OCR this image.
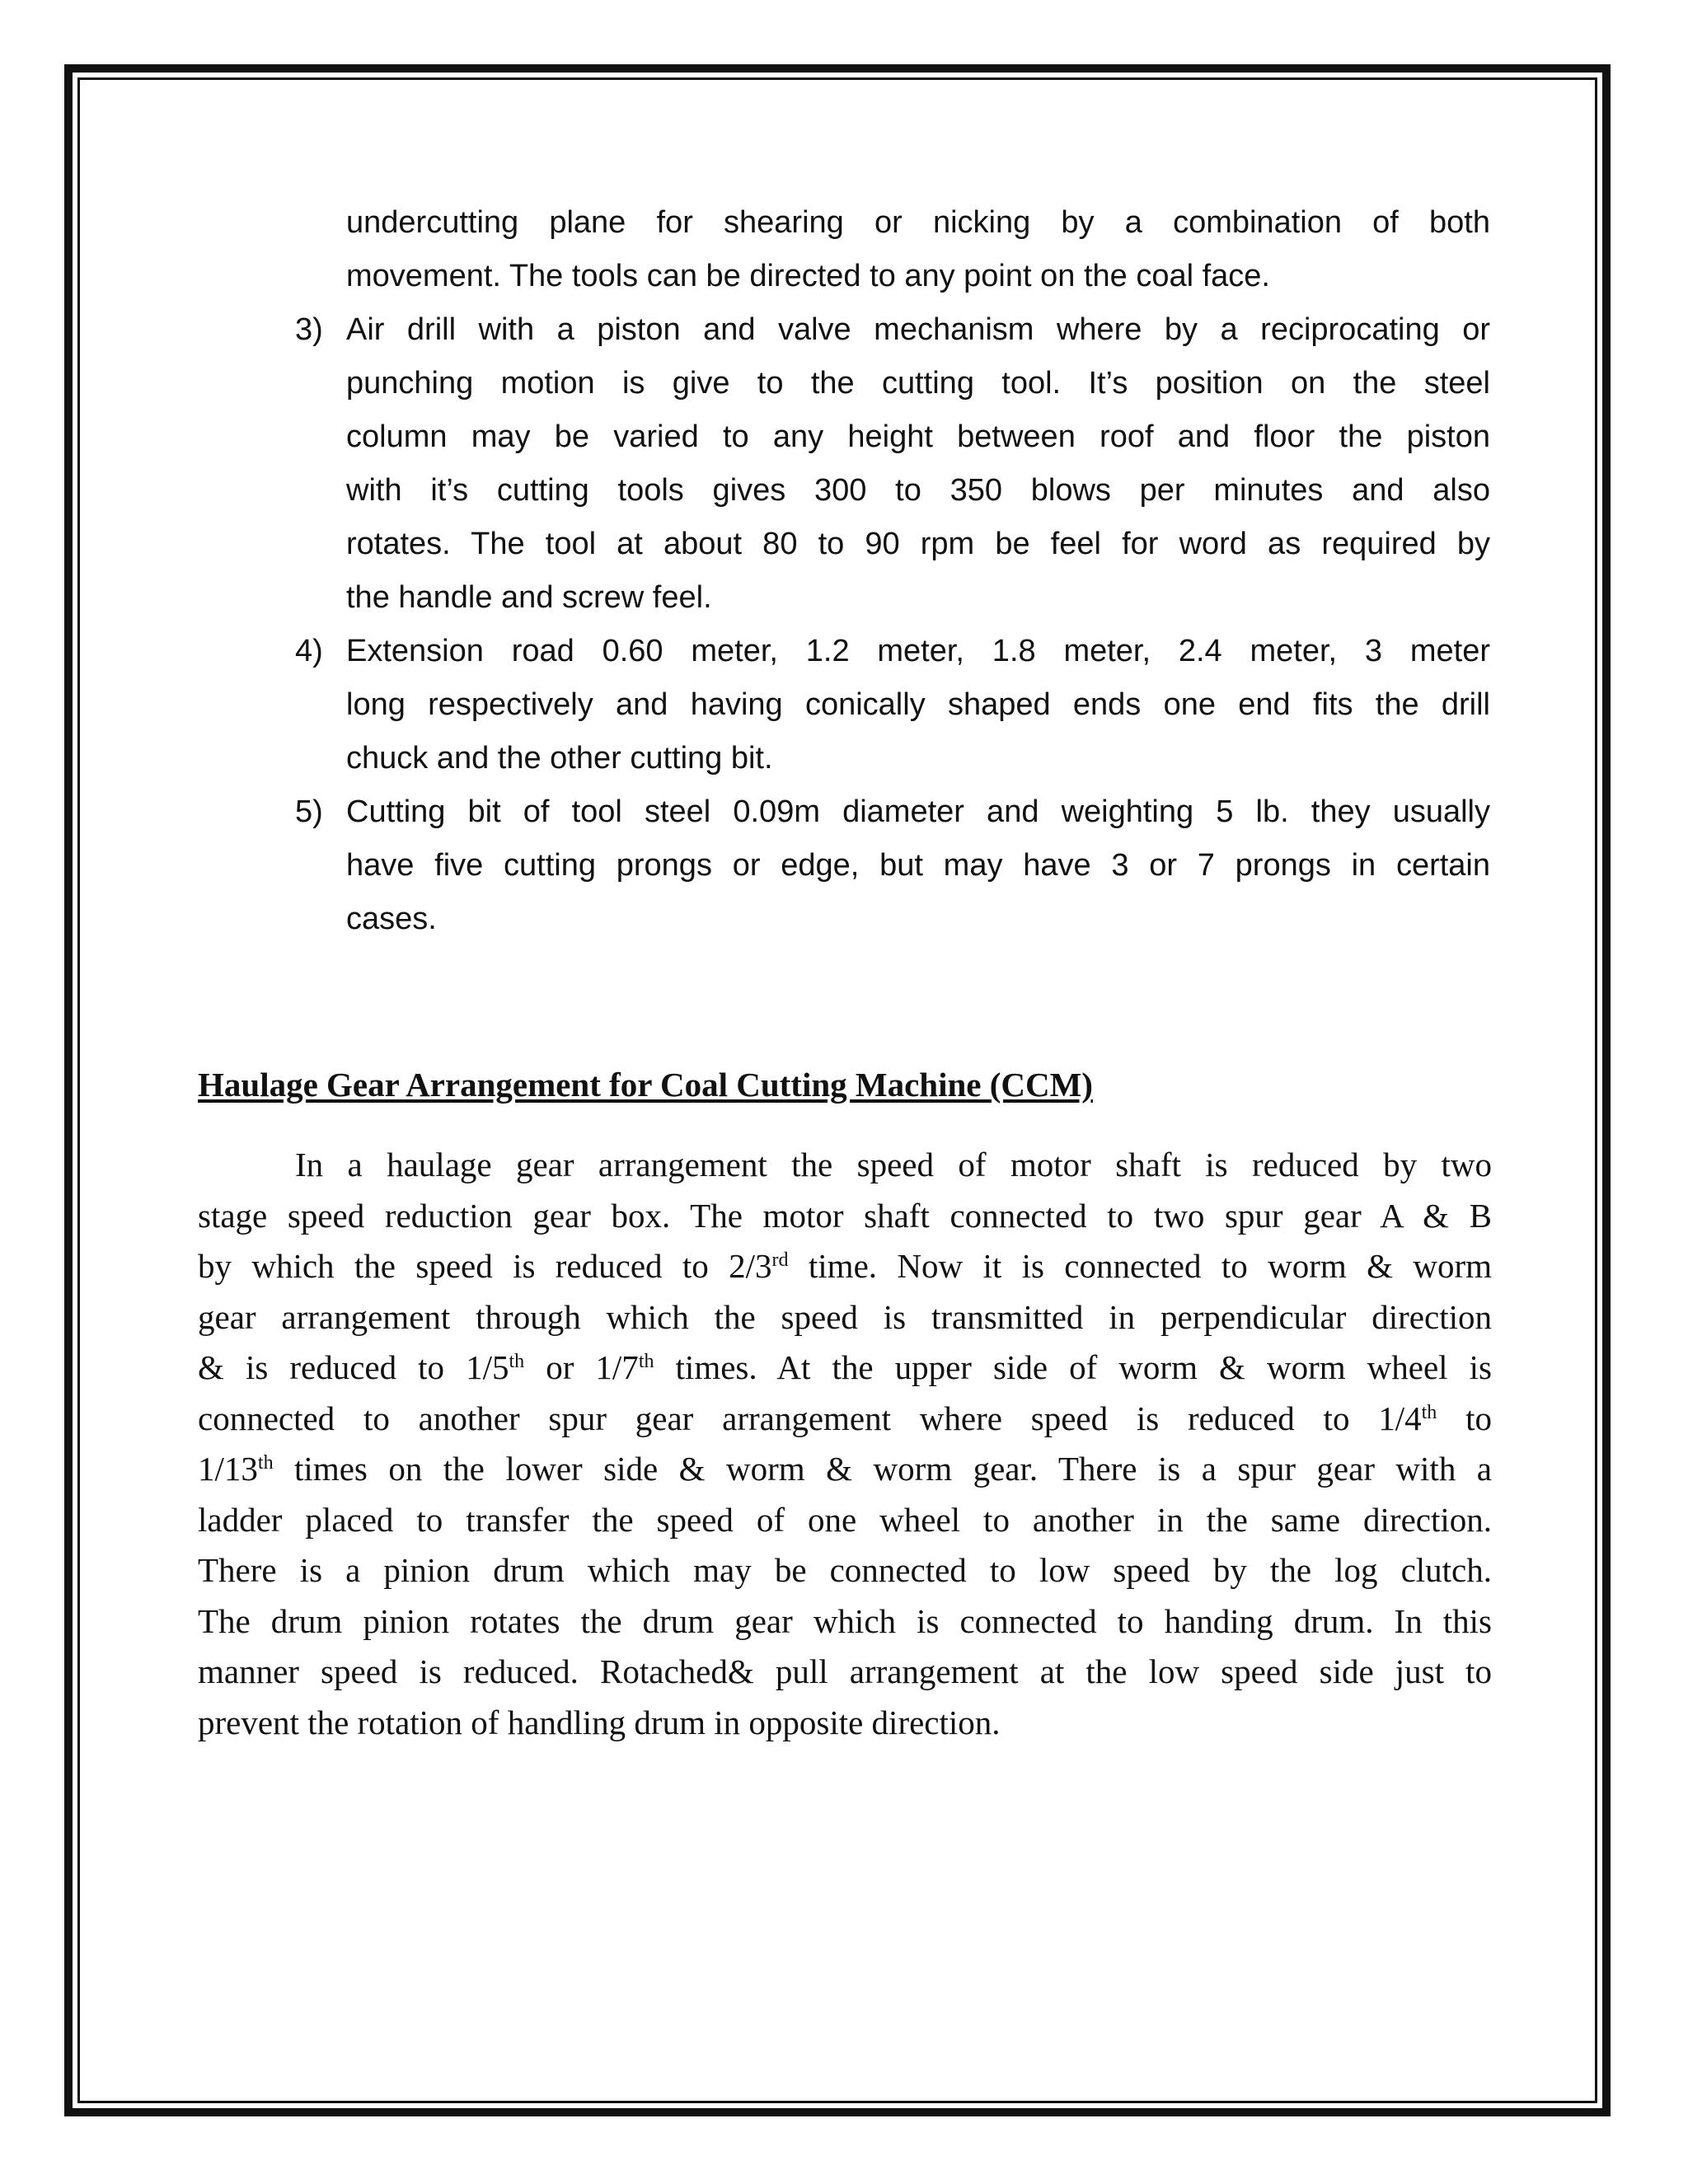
undercutting plane for shearing or nicking by a combination of both
movement. The tools can be directed to any point on the coal face.
3) Air drill with a piston and valve mechanism where by a reciprocating or
punching motion is give to the cutting tool. It’s position on the steel
column may be varied to any height between roof and floor the piston
with it’s cutting tools gives 300 to 350 blows per minutes and also
rotates. The tool at about 80 to 90 rpm be feel for word as required by
the handle and screw feel.
4) Extension road 0.60 meter, 1.2 meter, 1.8 meter, 2.4 meter, 3 meter
long respectively and having conically shaped ends one end fits the drill
chuck and the other cutting bit.
5) Cutting bit of tool steel 0.09m diameter and weighting 5 lb. they usually
have five cutting prongs or edge, but may have 3 or 7 prongs in certain
cases.
Haulage Gear Arrangement for Coal Cutting Machine (CCM)
In a haulage gear arrangement the speed of motor shaft is reduced by two
stage speed reduction gear box. The motor shaft connected to two spur gear A & B
by which the speed is reduced to 2/3rd time. Now it is connected to worm & worm
gear arrangement through which the speed is transmitted in perpendicular direction
& is reduced to 1/5th or 1/7th times. At the upper side of worm & worm wheel is
connected to another spur gear arrangement where speed is reduced to 1/4th to
1/13th times on the lower side & worm & worm gear. There is a spur gear with a
ladder placed to transfer the speed of one wheel to another in the same direction.
There is a pinion drum which may be connected to low speed by the log clutch.
The drum pinion rotates the drum gear which is connected to handing drum. In this
manner speed is reduced. Rotached& pull arrangement at the low speed side just to
prevent the rotation of handling drum in opposite direction.
